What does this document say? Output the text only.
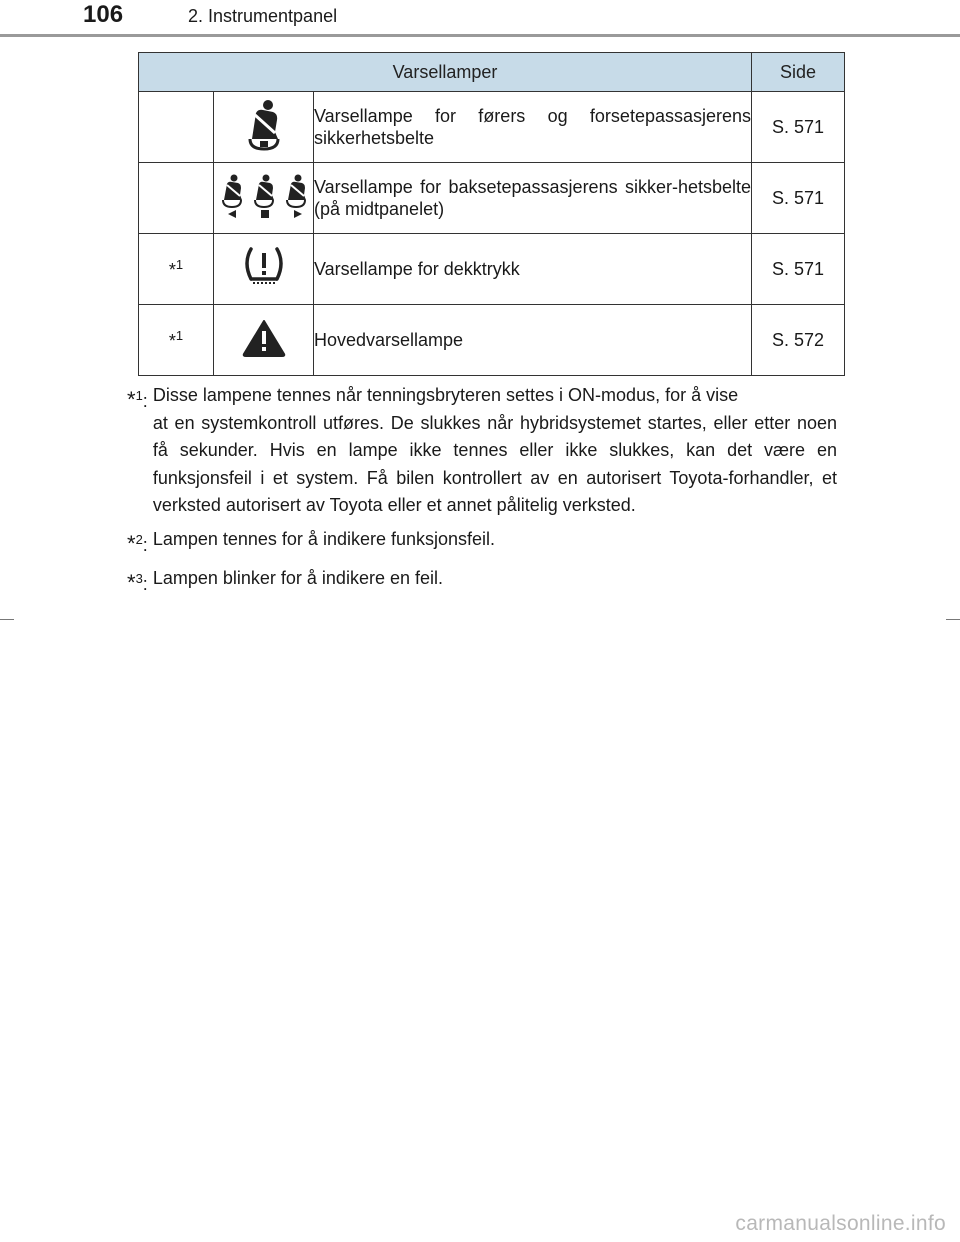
106	2. Instrumentpanel
Varsellamper			Side
		Varsellampe for førers og forsetepassasjerens sikkerhetsbelte	S. 571
		Varsellampe for baksetepassasjerens sikker-hetsbelte (på midtpanelet)	S. 571
*$^1$		Varsellampe for dekktrykk	S. 571
*$^1$		Hovedvarsellampe	S. 572
*$^1$: Disse lampene tennes når tenningsbryteren settes i ON-modus, for å vise
at en systemkontroll utføres. De slukkes når hybridsystemet startes, eller etter noen få sekunder. Hvis en lampe ikke tennes eller ikke slukkes, kan det være en funksjonsfeil i et system. Få bilen kontrollert av en autorisert Toyota-forhandler, et verksted autorisert av Toyota eller et annet pålitelig verksted.
*$^2$: Lampen tennes for å indikere funksjonsfeil.
*$^3$: Lampen blinker for å indikere en feil.
carmanualsonline.info
